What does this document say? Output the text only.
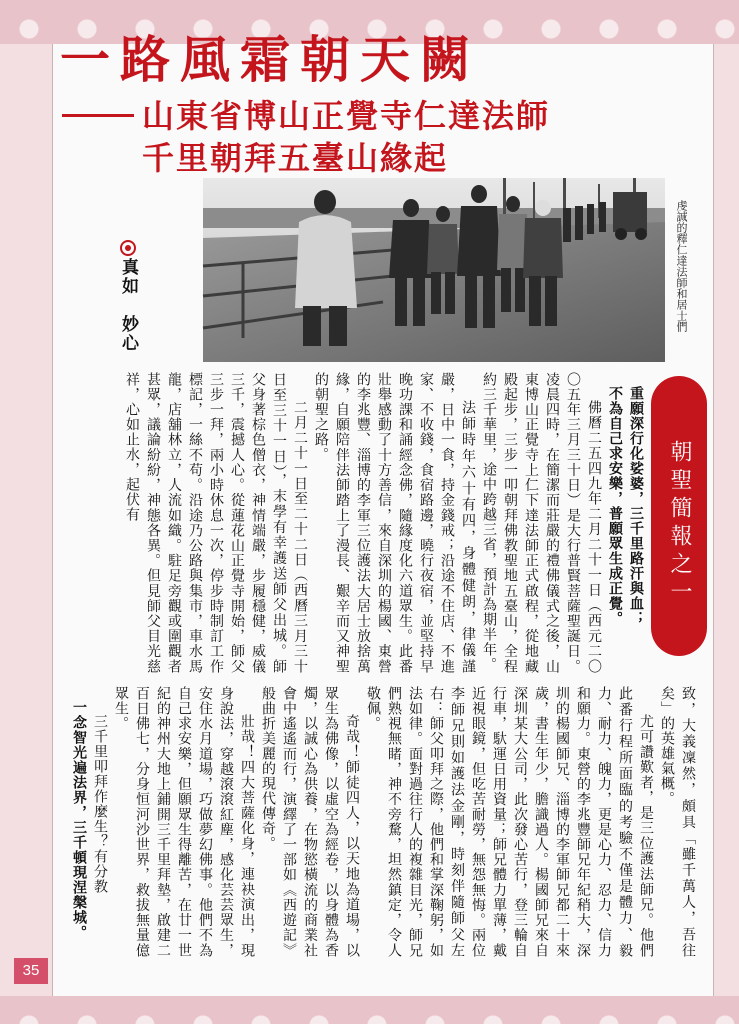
一路風霜朝天闕
山東省博山正覺寺仁達法師
千里朝拜五臺山緣起
虔誠的釋仁達法師和居士們
真如　妙心
朝聖簡報之一

重願深行化娑婆，三千里路汗與血；

不為自己求安樂，普願眾生成正覺。

佛曆二五四九年二月二十一日（西元二〇〇五年三月三十日）是大行普賢菩薩聖誕日。凌晨四時，在簡潔而莊嚴的禮佛儀式之後，山東博山正覺寺上仁下達法師正式啟程，從地藏殿起步，三步一叩朝拜佛教聖地五臺山，全程約三千華里，途中跨越三省，預計為期半年。

法師時年六十有四，身體健朗，律儀謹嚴，日中一食，持金錢戒；沿途不住店、不進家、不收錢，食宿路邊，曉行夜宿，並堅持早晚功課和誦經念佛，隨緣度化六道眾生。此番壯舉感動了十方善信，來自深圳的楊國、東營的李兆豐、淄博的李軍三位護法大居士放捨萬緣，自願陪伴法師踏上了漫長、艱辛而又神聖的朝聖之路。

二月二十一日至二十二日（西曆三月三十日至三十一日），末學有幸護送師父出城。師父身著棕色僧衣，神情端嚴，步履穩健，威儀三千，震撼人心。從蓮花山正覺寺開始，師父三步一拜，兩小時休息一次，停步時制訂工作標記，一絲不苟。沿途乃公路與集市，車水馬龍，店舖林立，人流如織。駐足旁觀或圍觀者甚眾，議論紛紛，神態各異。但見師父目光慈祥，心如止水，起伏有

致，大義凜然，頗具「雖千萬人，吾往矣」的英雄氣概。

尤可讚歎者，是三位護法師兄。他們此番行程所面臨的考驗不僅是體力、毅力、耐力、魄力，更是心力、忍力、信力和願力。東營的李兆豐師兄年紀稍大，深圳的楊國師兄、淄博的李軍師兄都二十來歲，書生年少，膽識過人。楊國師兄來自深圳某大公司，此次發心苦行，登三輪自行車，馱運日用資量；師兄體力單薄，戴近視眼鏡，但吃苦耐勞，無怨無悔。兩位李師兄則如護法金剛，時刻伴隨師父左右：師父叩拜之際，他們和掌深鞠躬，如法如律。面對過往行人的複雜目光，師兄們熟視無睹，神不旁騖，坦然鎮定，令人敬佩。

奇哉！師徒四人，以天地為道場，以眾生為佛像，以虛空為經卷，以身體為香燭，以誠心為供養，在物慾橫流的商業社會中遙遙而行，演繹了一部如《西遊記》般曲折美麗的現代傳奇。

壯哉！四大菩薩化身，連袂演出，現身說法，穿越滾滾紅塵，感化芸芸眾生，安住水月道場，巧做夢幻佛事。他們不為自己求安樂，但願眾生得離苦，在廿一世紀的神州大地上鋪開三千里拜墊，啟建二百日佛七，分身恒河沙世界，救拔無量億眾生。

三千里叩拜作麼生？有分教

一念智光遍法界，三千頓現涅槃城。

35
